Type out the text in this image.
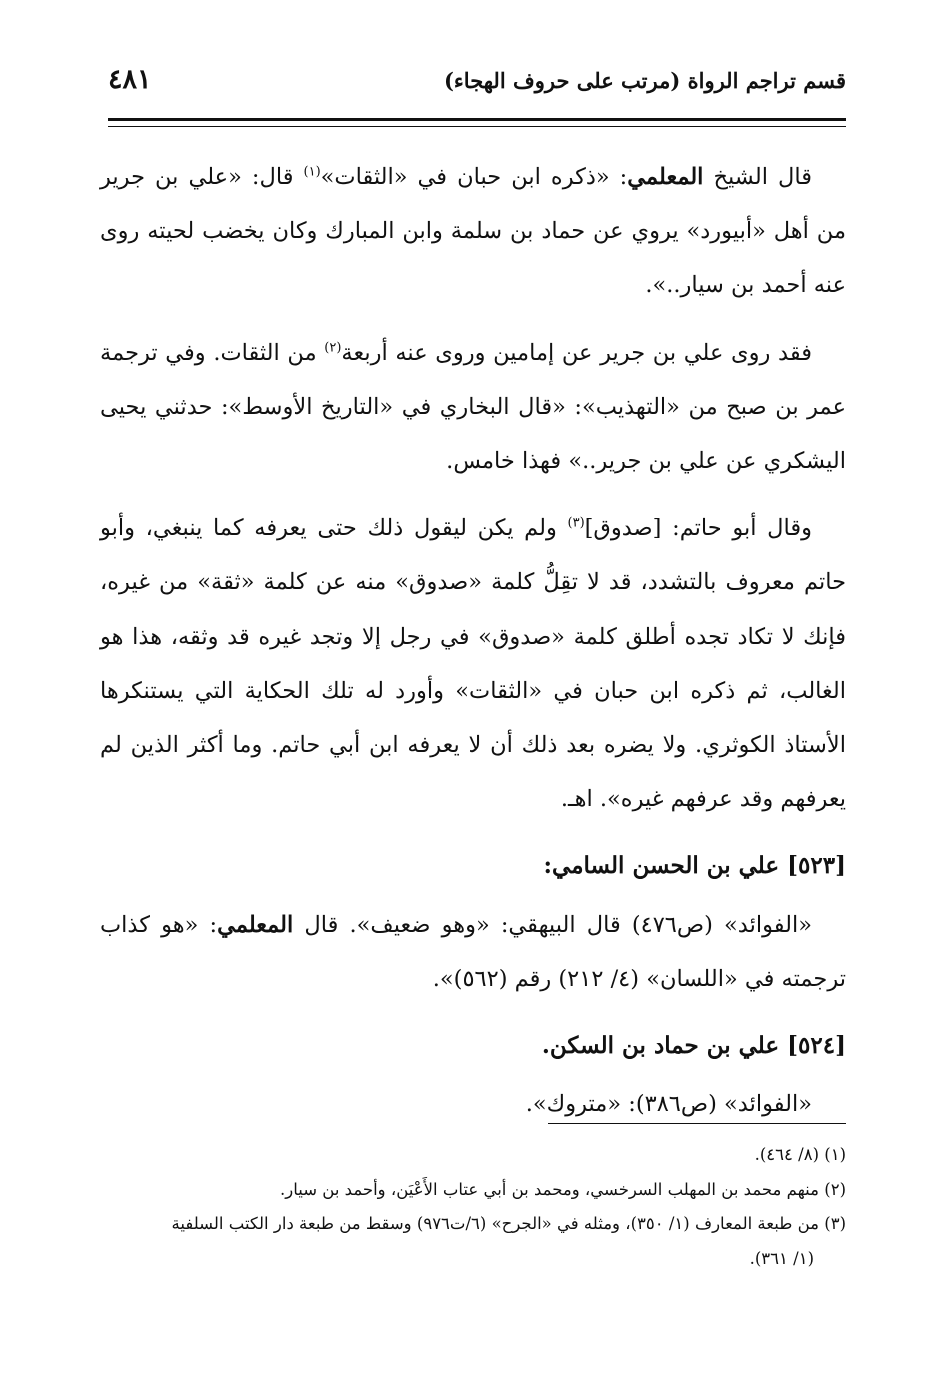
قسم تراجم الرواة (مرتب على حروف الهجاء)
٤٨١

قال الشيخ المعلمي: «ذكره ابن حبان في «الثقات»$^{(١)}$ قال: «علي بن جرير من أهل «أبيورد» يروي عن حماد بن سلمة وابن المبارك وكان يخضب لحيته روى عنه أحمد بن سيار..».

فقد روى علي بن جرير عن إمامين وروى عنه أربعة$^{(٢)}$ من الثقات. وفي ترجمة عمر بن صبح من «التهذيب»: «قال البخاري في «التاريخ الأوسط»: حدثني يحيى اليشكري عن علي بن جرير..» فهذا خامس.

وقال أبو حاتم: [صدوق]$^{(٣)}$ ولم يكن ليقول ذلك حتى يعرفه كما ينبغي، وأبو حاتم معروف بالتشدد، قد لا تقِلُّ كلمة «صدوق» منه عن كلمة «ثقة» من غيره، فإنك لا تكاد تجده أطلق كلمة «صدوق» في رجل إلا وتجد غيره قد وثقه، هذا هو الغالب، ثم ذكره ابن حبان في «الثقات» وأورد له تلك الحكاية التي يستنكرها الأستاذ الكوثري. ولا يضره بعد ذلك أن لا يعرفه ابن أبي حاتم. وما أكثر الذين لم يعرفهم وقد عرفهم غيره». اهـ.

[٥٢٣] علي بن الحسن السامي:

«الفوائد» (ص٤٧٦) قال البيهقي: «وهو ضعيف». قال المعلمي: «هو كذاب ترجمته في «اللسان» (٤/ ٢١٢) رقم (٥٦٢)».

[٥٢٤] علي بن حماد بن السكن.

«الفوائد» (ص٣٨٦): «متروك».

(١) (٨/ ٤٦٤).

(٢) منهم محمد بن المهلب السرخسي، ومحمد بن أبي عتاب الأَعْيَن، وأحمد بن سيار.

(٣) من طبعة المعارف (١/ ٣٥٠)، ومثله في «الجرح» (٦/ت٩٧٦) وسقط من طبعة دار الكتب السلفية

(١/ ٣٦١).
